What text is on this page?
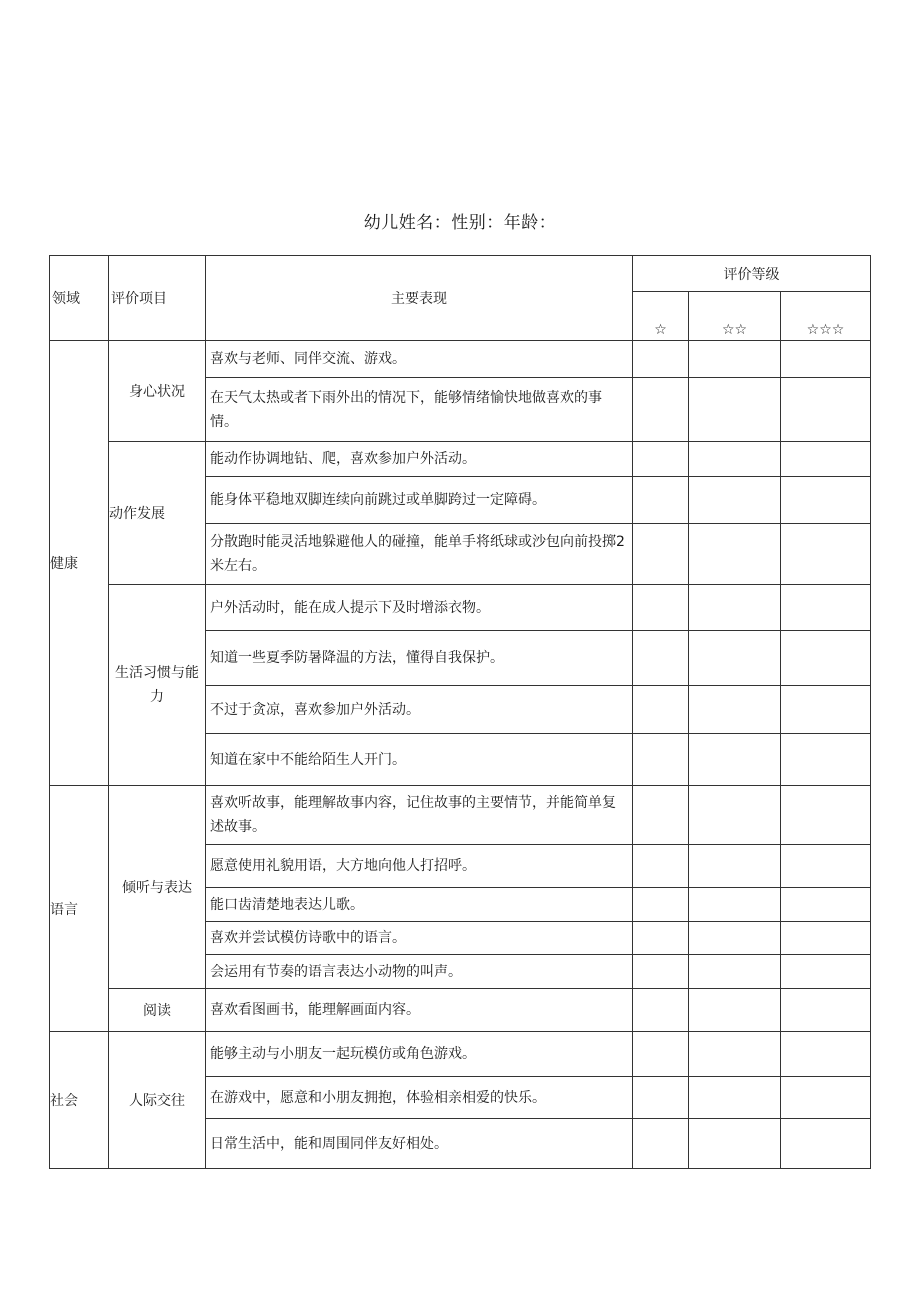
幼儿姓名：性别：年龄：
领域	评价项目	主要表现	评价等级		
			☆	☆☆	☆☆☆
健康	身心状况	喜欢与老师、同伴交流、游戏。			
		在天气太热或者下雨外出的情况下，能够情绪愉快地做喜欢的事情。			
	动作发展	能动作协调地钻、爬，喜欢参加户外活动。			
		能身体平稳地双脚连续向前跳过或单脚跨过一定障碍。			
		分散跑时能灵活地躲避他人的碰撞，能单手将纸球或沙包向前投掷2米左右。			
	生活习惯与能力	户外活动时，能在成人提示下及时增添衣物。			
		知道一些夏季防暑降温的方法，懂得自我保护。			
		不过于贪凉，喜欢参加户外活动。			
		知道在家中不能给陌生人开门。			
语言	倾听与表达	喜欢听故事，能理解故事内容，记住故事的主要情节，并能简单复述故事。			
		愿意使用礼貌用语，大方地向他人打招呼。			
		能口齿清楚地表达儿歌。			
		喜欢并尝试模仿诗歌中的语言。			
		会运用有节奏的语言表达小动物的叫声。			
	阅读	喜欢看图画书，能理解画面内容。			
社会	人际交往	能够主动与小朋友一起玩模仿或角色游戏。			
		在游戏中，愿意和小朋友拥抱，体验相亲相爱的快乐。			
		日常生活中，能和周围同伴友好相处。			
